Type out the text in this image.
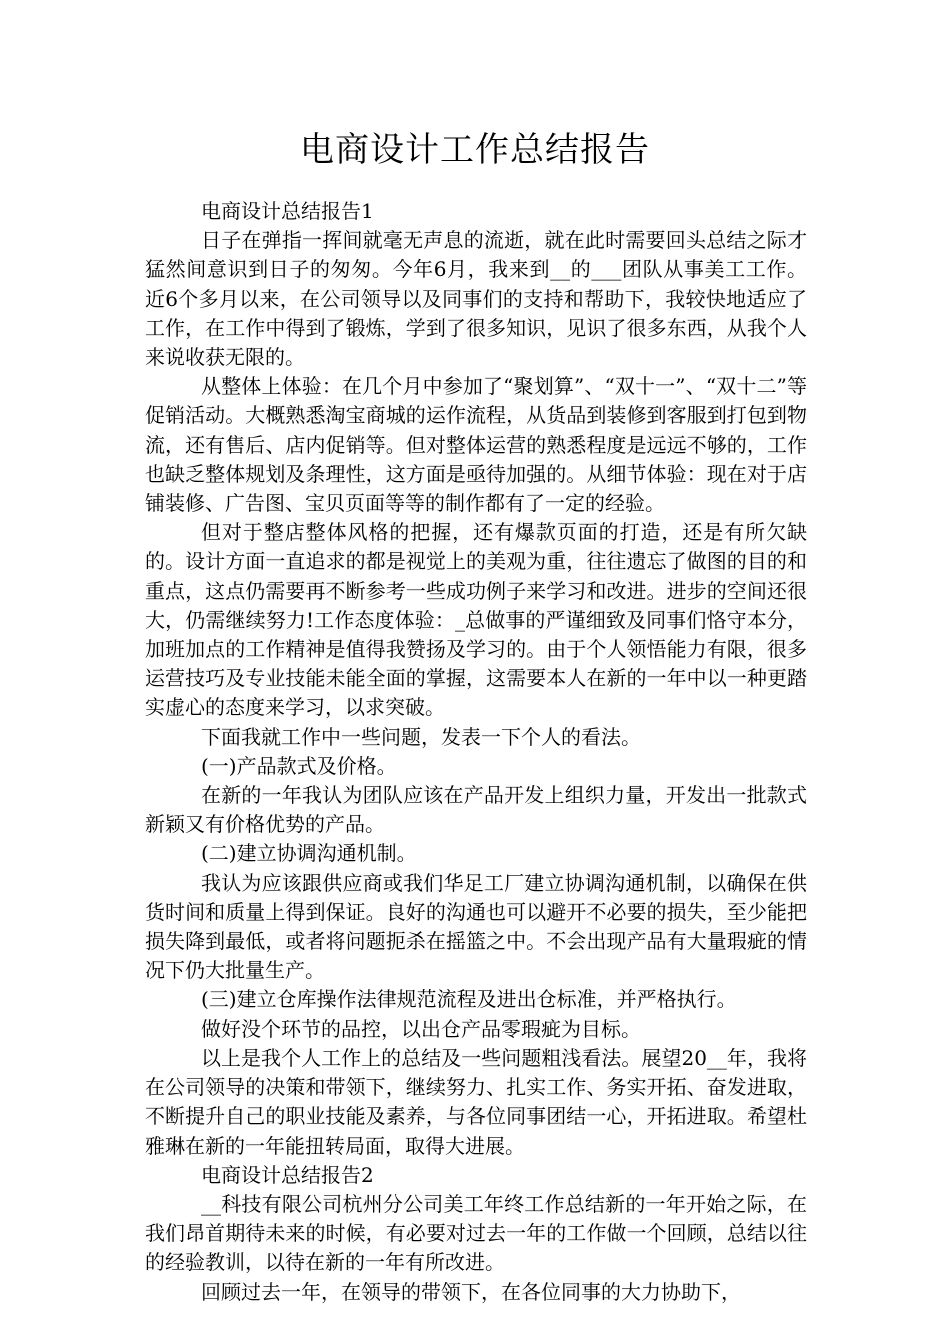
电商设计工作总结报告

电商设计总结报告1

日子在弹指一挥间就毫无声息的流逝，就在此时需要回头总结之际才猛然间意识到日子的匆匆。今年6月，我来到__的___团队从事美工工作。近6个多月以来，在公司领导以及同事们的支持和帮助下，我较快地适应了工作，在工作中得到了锻炼，学到了很多知识，见识了很多东西，从我个人来说收获无限的。

从整体上体验：在几个月中参加了“聚划算”、“双十一”、“双十二”等促销活动。大概熟悉淘宝商城的运作流程，从货品到装修到客服到打包到物流，还有售后、店内促销等。但对整体运营的熟悉程度是远远不够的，工作也缺乏整体规划及条理性，这方面是亟待加强的。从细节体验：现在对于店铺装修、广告图、宝贝页面等等的制作都有了一定的经验。

但对于整店整体风格的把握，还有爆款页面的打造，还是有所欠缺的。设计方面一直追求的都是视觉上的美观为重，往往遗忘了做图的目的和重点，这点仍需要再不断参考一些成功例子来学习和改进。进步的空间还很大，仍需继续努力!工作态度体验：_总做事的严谨细致及同事们恪守本分，加班加点的工作精神是值得我赞扬及学习的。由于个人领悟能力有限，很多运营技巧及专业技能未能全面的掌握，这需要本人在新的一年中以一种更踏实虚心的态度来学习，以求突破。

下面我就工作中一些问题，发表一下个人的看法。

(一)产品款式及价格。

在新的一年我认为团队应该在产品开发上组织力量，开发出一批款式新颖又有价格优势的产品。

(二)建立协调沟通机制。

我认为应该跟供应商或我们华足工厂建立协调沟通机制，以确保在供货时间和质量上得到保证。良好的沟通也可以避开不必要的损失，至少能把损失降到最低，或者将问题扼杀在摇篮之中。不会出现产品有大量瑕疵的情况下仍大批量生产。

(三)建立仓库操作法律规范流程及进出仓标准，并严格执行。

做好没个环节的品控，以出仓产品零瑕疵为目标。

以上是我个人工作上的总结及一些问题粗浅看法。展望20__年，我将在公司领导的决策和带领下，继续努力、扎实工作、务实开拓、奋发进取，不断提升自己的职业技能及素养，与各位同事团结一心，开拓进取。希望杜雅琳在新的一年能扭转局面，取得大进展。

电商设计总结报告2

__科技有限公司杭州分公司美工年终工作总结新的一年开始之际，在我们昂首期待未来的时候，有必要对过去一年的工作做一个回顾，总结以往的经验教训，以待在新的一年有所改进。

回顾过去一年，在领导的带领下，在各位同事的大力协助下，
